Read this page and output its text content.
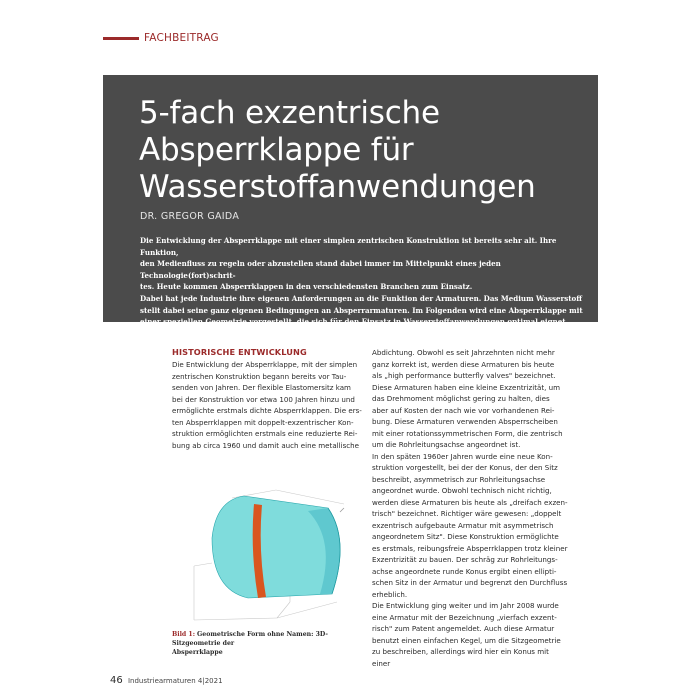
FACHBEITRAG
5-fach exzentrische
Absperrklappe für
Wasserstoffanwendungen
DR. GREGOR GAIDA

Die Entwicklung der Absperrklappe mit einer simplen zentrischen Konstruktion ist bereits sehr alt. Ihre Funktion,

den Medienfluss zu regeln oder abzustellen stand dabei immer im Mittelpunkt eines jeden Technologie(fort)schrit-

tes. Heute kommen Absperrklappen in den verschiedensten Branchen zum Einsatz.

Dabei hat jede Industrie ihre eigenen Anforderungen an die Funktion der Armaturen. Das Medium Wasserstoff

stellt dabei seine ganz eigenen Bedingungen an Absperrarmaturen. Im Folgenden wird eine Absperrklappe mit

einer speziellen Geometrie vorgestellt, die sich für den Einsatz in Wasserstoffanwendungen optimal eignet.

HISTORISCHE ENTWICKLUNG

Die Entwicklung der Absperrklappe, mit der simplen

zentrischen Konstruktion begann bereits vor Tau-

senden von Jahren. Der flexible Elastomersitz kam

bei der Konstruktion vor etwa 100 Jahren hinzu und

ermöglichte erstmals dichte Absperrklappen. Die ers-

ten Absperrklappen mit doppelt-exzentrischer Kon-

struktion ermöglichten erstmals eine reduzierte Rei-

bung ab circa 1960 und damit auch eine metallische

Bild 1: Geometrische Form ohne Namen: 3D-Sitzgeometrie der
Absperrklappe

Abdichtung. Obwohl es seit Jahrzehnten nicht mehr

ganz korrekt ist, werden diese Armaturen bis heute

als „high performance butterfly valves" bezeichnet.

Diese Armaturen haben eine kleine Exzentrizität, um

das Drehmoment möglichst gering zu halten, dies

aber auf Kosten der nach wie vor vorhandenen Rei-

bung. Diese Armaturen verwenden Absperrscheiben

mit einer rotationssymmetrischen Form, die zentrisch

um die Rohrleitungsachse angeordnet ist.

In den späten 1960er Jahren wurde eine neue Kon-

struktion vorgestellt, bei der der Konus, der den Sitz

beschreibt, asymmetrisch zur Rohrleitungsachse

angeordnet wurde. Obwohl technisch nicht richtig,

werden diese Armaturen bis heute als „dreifach exzen-

trisch" bezeichnet. Richtiger wäre gewesen: „doppelt

exzentrisch aufgebaute Armatur mit asymmetrisch

angeordnetem Sitz". Diese Konstruktion ermöglichte

es erstmals, reibungsfreie Absperrklappen trotz kleiner

Exzentrizität zu bauen. Der schräg zur Rohrleitungs-

achse angeordnete runde Konus ergibt einen ellipti-

schen Sitz in der Armatur und begrenzt den Durchfluss

erheblich.

Die Entwicklung ging weiter und im Jahr 2008 wurde

eine Armatur mit der Bezeichnung „vierfach exzent-

risch" zum Patent angemeldet. Auch diese Armatur

benutzt einen einfachen Kegel, um die Sitzgeometrie

zu beschreiben, allerdings wird hier ein Konus mit einer

46 Industriearmaturen 4|2021
